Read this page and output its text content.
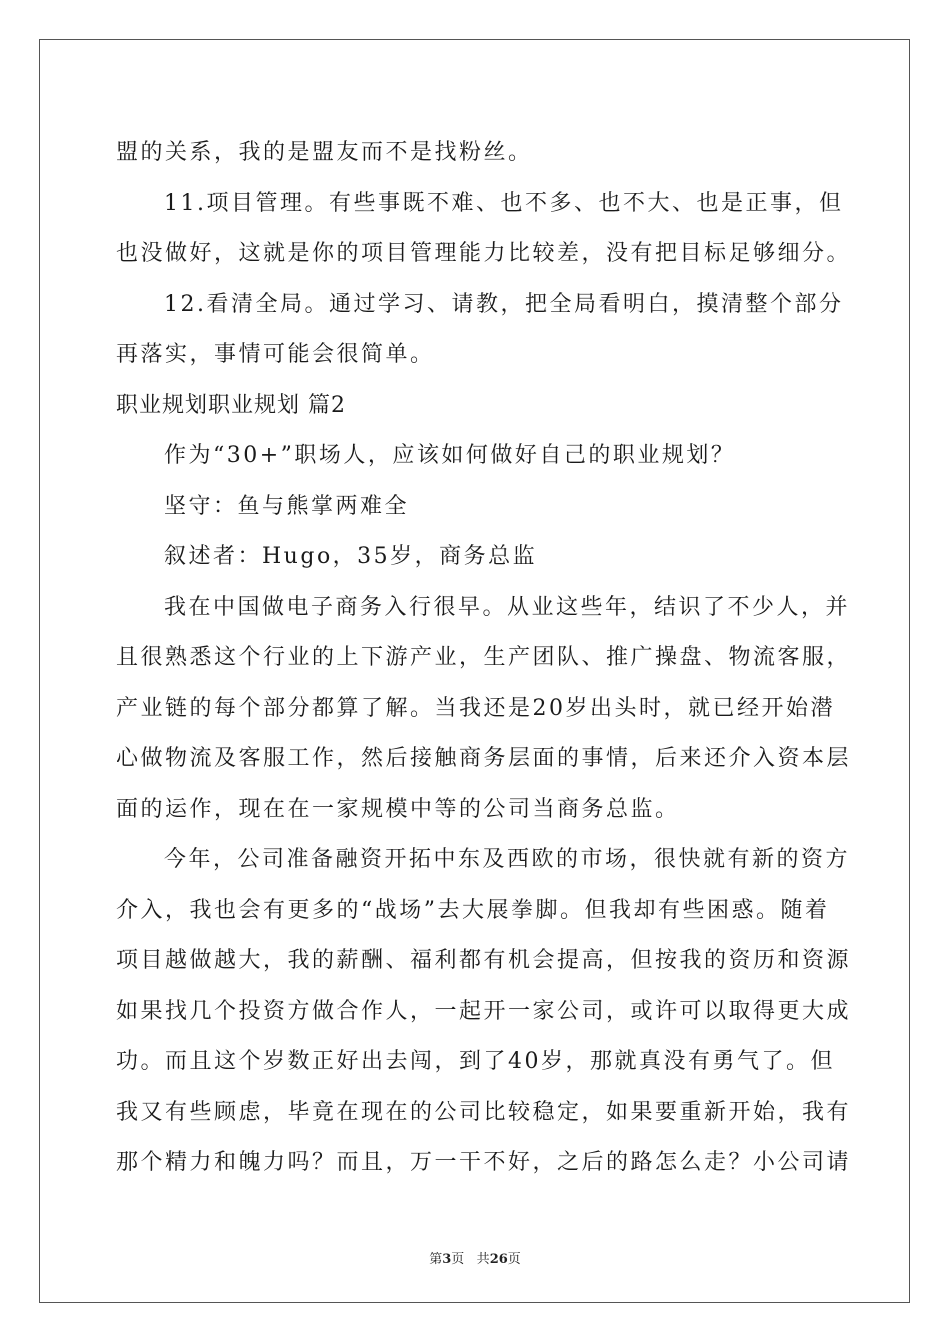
盟的关系，我的是盟友而不是找粉丝。
11.项目管理。有些事既不难、也不多、也不大、也是正事，但
也没做好，这就是你的项目管理能力比较差，没有把目标足够细分。
12.看清全局。通过学习、请教，把全局看明白，摸清整个部分
再落实，事情可能会很简单。
职业规划职业规划 篇2
作为“30+”职场人，应该如何做好自己的职业规划？
坚守：鱼与熊掌两难全
叙述者：Hugo，35岁，商务总监
我在中国做电子商务入行很早。从业这些年，结识了不少人，并
且很熟悉这个行业的上下游产业，生产团队、推广操盘、物流客服，
产业链的每个部分都算了解。当我还是20岁出头时，就已经开始潜
心做物流及客服工作，然后接触商务层面的事情，后来还介入资本层
面的运作，现在在一家规模中等的公司当商务总监。
今年，公司准备融资开拓中东及西欧的市场，很快就有新的资方
介入，我也会有更多的“战场”去大展拳脚。但我却有些困惑。随着
项目越做越大，我的薪酬、福利都有机会提高，但按我的资历和资源
如果找几个投资方做合作人，一起开一家公司，或许可以取得更大成
功。而且这个岁数正好出去闯，到了40岁，那就真没有勇气了。但
我又有些顾虑，毕竟在现在的公司比较稳定，如果要重新开始，我有
那个精力和魄力吗？而且，万一干不好，之后的路怎么走？小公司请
第3页 共26页
